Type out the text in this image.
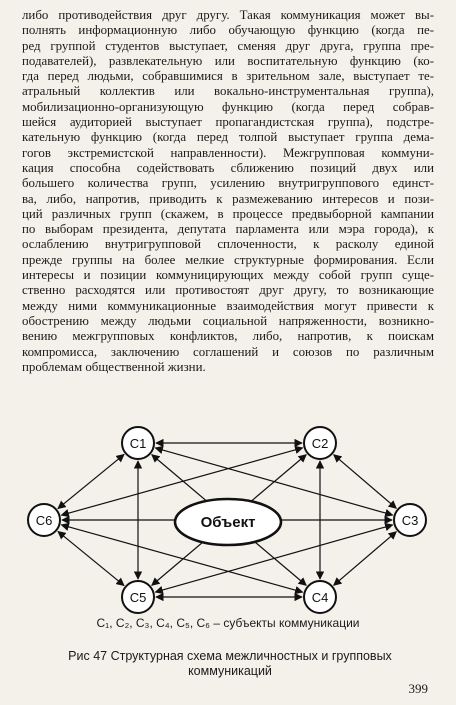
либо противодействия друг другу. Такая коммуникация может вы-
полнять информационную либо обучающую функцию (когда пе-
ред группой студентов выступает, сменяя друг друга, группа пре-
подавателей), развлекательную или воспитательную функцию (ко-
гда перед людьми, собравшимися в зрительном зале, выступает те-
атральный коллектив или вокально-инструментальная группа),
мобилизационно-организующую функцию (когда перед собрав-
шейся аудиторией выступает пропагандистская группа), подстре-
кательную функцию (когда перед толпой выступает группа дема-
гогов экстремистской направленности). Межгрупповая коммуни-
кация способна содействовать сближению позиций двух или
большего количества групп, усилению внутригруппового единст-
ва, либо, напротив, приводить к размежеванию интересов и пози-
ций различных групп (скажем, в процессе предвыборной кампании
по выборам президента, депутата парламента или мэра города), к
ослаблению внутригрупповой сплоченности, к расколу единой
прежде группы на более мелкие структурные формирования. Если
интересы и позиции коммуницирующих между собой групп суще-
ственно расходятся или противостоят друг другу, то возникающие
между ними коммуникационные взаимодействия могут привести к
обострению между людьми социальной напряженности, возникно-
вению межгрупповых конфликтов, либо, напротив, к поискам
компромисса, заключению соглашений и союзов по различным
проблемам общественной жизни.
C1	C2
C3
C4
C5
C6	Объект
C₁, C₂, C₃, C₄, C₅, C₆ – субъекты коммуникации
Рис 47 Структурная схема межличностных и групповых
коммуникаций
399
